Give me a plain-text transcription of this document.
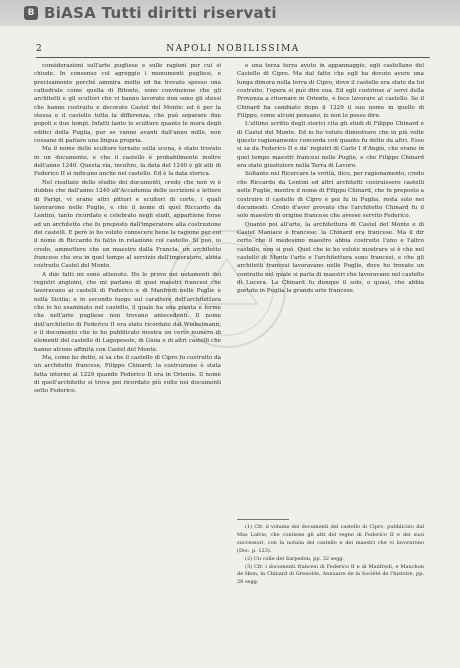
B BiASA Tutti diritti riservati
2	NAPOLI NOBILISSIMA

considerazioni sull'arte pugliese e sulle ragioni per cui si chiude. In consenso col agreggio i monumenti pugliesi, e precisamente perché ammira molto ed ha trovato spesso una cattedrale come quella di Bitonto, sono convinzione che gli architetti e gli scultori che vi hanno lavorato non sono gli stessi che hanno costruito e decorato Castel del Monte: ed è per la stessa e il castello tutta la differenza, che può separare due popoli e due tempi. Infatti tanto le sculture quanto le mura degli edifici della Puglia, pur se vanno avanti dall'anno mille, non cessano di parlare una lingua propria.

Ma il nome dello scultore tornato sulla scena, è stato trovato in un documento, e che il castello è probabilmente inoltre dell'anno 1240. Questa via, incoltre, la data del 1240 e gli atti di Federico II si indicano anche nel castello. Ed è la data storica.

Nel risultato dello studio dei documenti, credo che non vi è dubbio che dall'anno 1240 all'Accademia delle iscrizioni e lettere di Parigi, vi erano altri pittori e scultori di corte, i quali lavorarono nelle Puglie, e che il nome di quel Riccardo da Lentini, tanto ricordato e celebrato negli studi, appartiene forse ad un architetto che fu preposto dall'imperatore alla costruzione dei castelli. E però io ho voluto conoscere bene la ragione per cui il nome di Riccardo fu fatto in relazione col castello. Si può, io credo, ammettere che un maestro dalla Francia, un architetto francese che era in quel tempo al servizio dell'imperatore, abbia costruito Castel del Monte.

A due fatti mi sono attenuto. Ho le prove nei notamenti dei registri angioini, che mi parlano di quei maestri francesi che lavoravano ai castelli di Federico e di Manfredi nelle Puglie e nella Sicilia; e in secondo luogo sul carattere dell'architettura che io ho esaminato nel castello, il quale ha una pianta e forme che nell'arte pugliese non trovano antecedenti. Il nome dell'architetto di Federico II era stato ricordato dal Winkelmann; e il documento che io ho pubblicato mostra un certo numero di elementi del castello di Lagopesole, di Gioia e di altri castelli che hanno alcune affinità con Castel del Monte.

Ma, come ho detto, si sa che il castello di Cipro fu costruito da un architetto francese, Filippo Chinard; la costruzione è stata fatta intorno al 1229 quando Federico II era in Oriente. Il nome di quell'architetto si trova poi ricordato più volte nei documenti sotto Federico.

e una terza terra avuto in appannaggio, egli castellano del Castello di Cipro. Ma dal fatto che egli ha dovuto avere una lunga dimora nella terra di Cipro, dove il castello era stato da lui costruito, l'opera si può dire sua. Ed egli costrinse a' servi della Provenza a ritornare in Oriente, e fece lavorare al castello. Se il Chinard ha cambiato dopo il 1229 il suo nome in quello di Filippo, come alcuni pensano, io non lo posso dire.

L'ultimo scritto degli storici cita gli studi di Filippo Chinard e di Castel del Monte. Ed io ho voluto dimostrare che in più volte questo ragionamento concorda con quanto fu detto da altri. Esso si sa da Federico II e da' registri di Carlo I d'Angiò, che erano in quel tempo maestri francesi nelle Puglie, e che Filippo Chinard era stato giustiziere nella Terra di Lavoro.

Soltanto nel Ricercare la verità, dico, per ragionamento, credo che Riccardo da Lentini ed altri architetti costruissero castelli nelle Puglie, mentre il nome di Filippo Chinard, che fu preposto a costruire il castello di Cipro e poi fu in Puglia, resta solo nei documenti. Credo d'aver provato che l'architetto Chinard fu il solo maestro di origine francese che avesse servito Federico.

Quanto poi all'arte, la architettura di Castel del Monte e di Castel Maniace è francese: la Chinard era francese. Ma il dir certo che il medesimo maestro abbia costruito l'uno e l'altro castello, non si può. Quel che io ho voluto mostrare si è che nel castello di Monte l'arte e l'architettura sono francesi, e che gli architetti francesi lavoravano nelle Puglie, dove ho trovato un contratto nel quale si parla di maestri che lavoravano nel castello di Lucera. La Chinard fu dunque il solo, o quasi, che abbia portato in Puglia la grande arte francese.

(1) Cfr. il volume dei documenti del castello di Cipro, pubblicato dal Mas Latrie, che contiene gli atti del regno di Federico II e dei suoi successori, con la notizia del castello e dei maestri che vi lavorarono (Doc. p. 123).

(2) Un colle del Sarpedon, pp. 32 segg.

(3) Cfr. i documenti francesi di Federico II e di Manfredi, e Manchon de Hem, in Chinard di Grenoble, Annuaire de la Société de l'histoire, pp. 28 segg.
